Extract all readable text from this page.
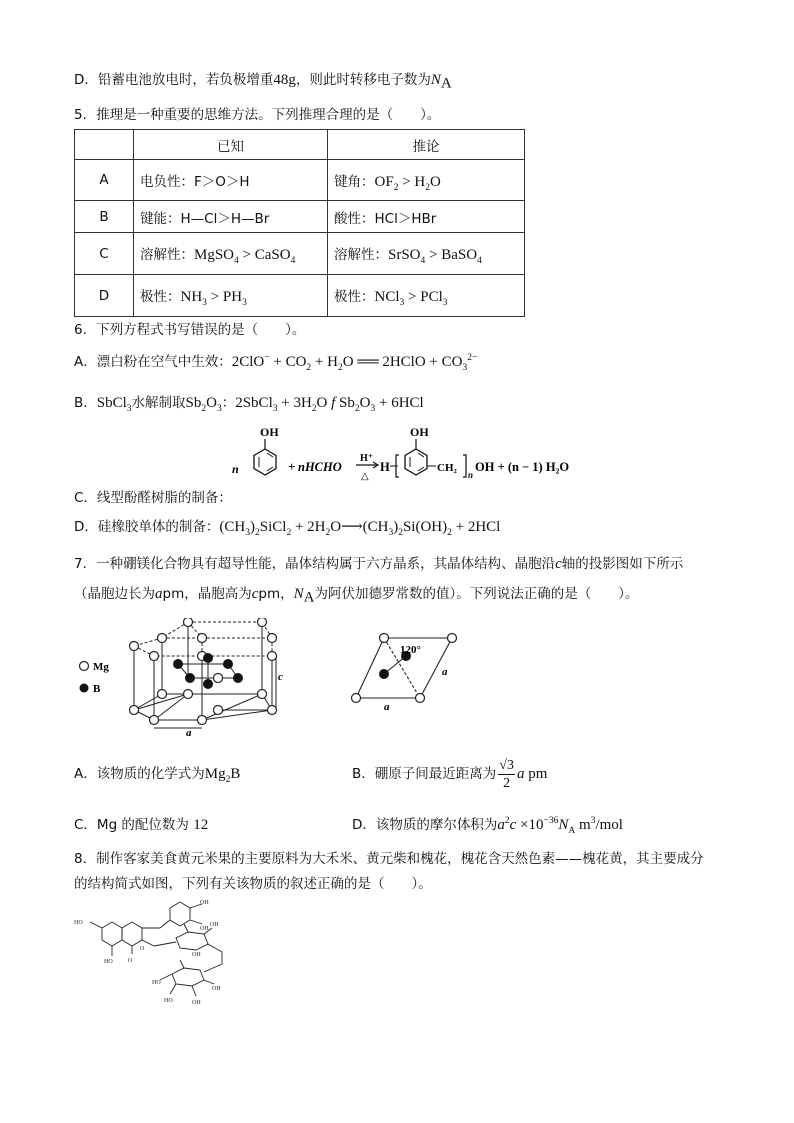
D．铅蓄电池放电时，若负极增重48g，则此时转移电子数为$N_A$
5．推理是一种重要的思维方法。下列推理合理的是（　　）。
	已知	推论
A	电负性：F＞O＞H	键角：$OF_2 > H_2O$
B	键能：H—Cl＞H—Br	酸性：HCl＞HBr
C	溶解性：MgSO$_4$ > CaSO$_4$	溶解性：SrSO$_4$ > BaSO$_4$
D	极性：$NH_3 > PH_3$	极性：NCl$_3$ > PCl$_3$
6．下列方程式书写错误的是（　　）。
A．漂白粉在空气中生效：$2ClO^- + CO_2 + H_2O$ ══ 2HClO + $CO_3^{2-}$
B．SbCl$_3$水解制取$Sb_2O_3$：2SbCl$_3$ + $3H_2O$ f $Sb_2O_3 + 6HCl$
n
OH
+ nHCHO
H⁺
△
H
OH
CH₂
n
OH + (n − 1) H₂O
C．线型酚醛树脂的制备：
D．硅橡胶单体的制备：$(CH_3)_2SiCl_2$ + $2H_2O⟶(CH_3)_2Si(OH)_2 + 2HCl$
7．一种硼镁化合物具有超导性能，晶体结构属于六方晶系，其晶体结构、晶胞沿c轴的投影图如下所示
（晶胞边长为apm，晶胞高为cpm，$N_A$为阿伏加德罗常数的值）。下列说法正确的是（　　）。
c
a
Mg
B
120°
a
a
A．该物质的化学式为$Mg_2B$	B．硼原子间最近距离为 $\frac{√3}{2}$ a pm
C．Mg 的配位数为 12	D．该物质的摩尔体积为$a^2c \times 10^{-36}N_A$ $m^3$/mol
8．制作客家美食黄元米果的主要原料为大禾米、黄元柴和槐花，槐花含天然色素——槐花黄，其主要成分
的结构简式如图，下列有关该物质的叙述正确的是（　　）。
HO
HO	O
O
OH
OH
OH
OH
HO
HO	OH
OH
